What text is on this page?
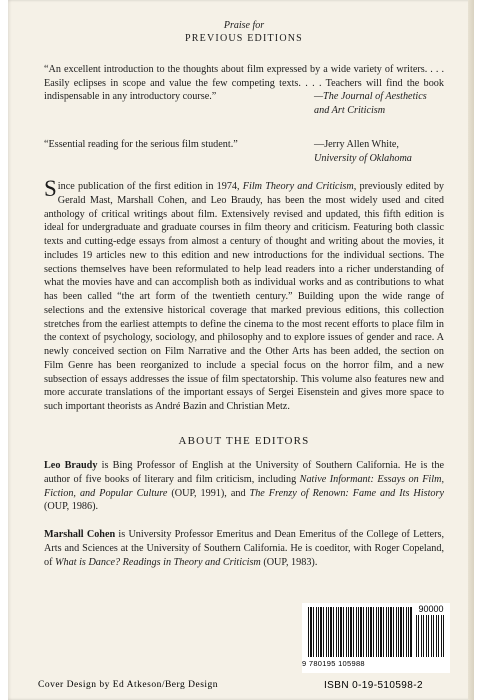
Praise for
PREVIOUS EDITIONS
“An excellent introduction to the thoughts about film expressed by a wide variety of writers. . . . Easily eclipses in scope and value the few competing texts. . . . Teachers will find the book indispensable in any introductory course.”	—The Journal of Aesthetics and Art Criticism
“Essential reading for the serious film student.”	—Jerry Allen White,
University of Oklahoma
Since publication of the first edition in 1974, Film Theory and Criticism, previously edited by Gerald Mast, Marshall Cohen, and Leo Braudy, has been the most widely used and cited anthology of critical writings about film. Extensively revised and updated, this fifth edition is ideal for undergraduate and graduate courses in film theory and criticism. Featuring both classic texts and cutting-edge essays from almost a century of thought and writing about the movies, it includes 19 articles new to this edition and new introductions for the individual sections. The sections themselves have been reformulated to help lead readers into a richer understanding of what the movies have and can accomplish both as individual works and as contributions to what has been called “the art form of the twentieth century.” Building upon the wide range of selections and the extensive historical coverage that marked previous editions, this collection stretches from the earliest attempts to define the cinema to the most recent efforts to place film in the context of psychology, sociology, and philosophy and to explore issues of gender and race. A newly conceived section on Film Narrative and the Other Arts has been added, the section on Film Genre has been reorganized to include a special focus on the horror film, and a new subsection of essays addresses the issue of film spectatorship. This volume also features new and more accurate translations of the important essays of Sergei Eisenstein and gives more space to such important theorists as André Bazin and Christian Metz.
ABOUT THE EDITORS
Leo Braudy is Bing Professor of English at the University of Southern California. He is the author of five books of literary and film criticism, including Native Informant: Essays on Film, Fiction, and Popular Culture (OUP, 1991), and The Frenzy of Renown: Fame and Its History (OUP, 1986).
Marshall Cohen is University Professor Emeritus and Dean Emeritus of the College of Letters, Arts and Sciences at the University of Southern California. He is coeditor, with Roger Copeland, of What is Dance? Readings in Theory and Criticism (OUP, 1983).
90000
9 780195 105988
ISBN 0-19-510598-2
Cover Design by Ed Atkeson/Berg Design
